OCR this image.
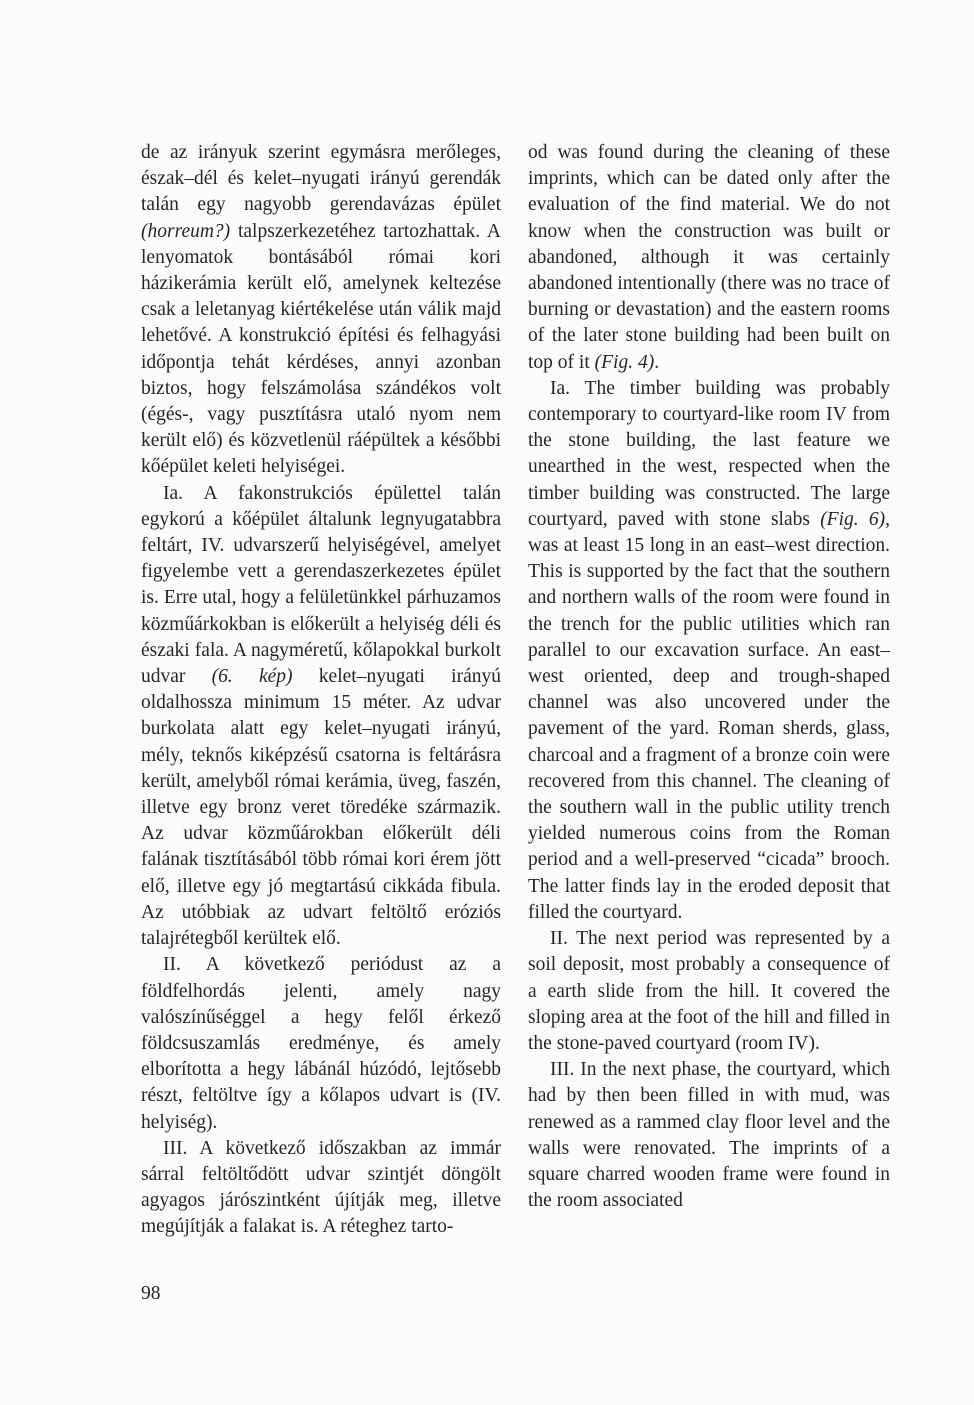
de az irányuk szerint egymásra merőleges, észak–dél és kelet–nyugati irányú gerendák talán egy nagyobb gerendavázas épület (horreum?) talpszerkezetéhez tartozhattak. A lenyomatok bontásából római kori házikerámia került elő, amelynek keltezése csak a leletanyag kiértékelése után válik majd lehetővé. A konstrukció építési és felhagyási időpontja tehát kérdéses, annyi azonban biztos, hogy felszámolása szándékos volt (égés-, vagy pusztításra utaló nyom nem került elő) és közvetlenül ráépültek a későbbi kőépület keleti helyiségei.

Ia. A fakonstrukciós épülettel talán egykorú a kőépület általunk legnyugatabbra feltárt, IV. udvarszerű helyiségével, amelyet figyelembe vett a gerendaszerkezetes épület is. Erre utal, hogy a felületünkkel párhuzamos közműárkokban is előkerült a helyiség déli és északi fala. A nagyméretű, kőlapokkal burkolt udvar (6. kép) kelet–nyugati irányú oldalhossza minimum 15 méter. Az udvar burkolata alatt egy kelet–nyugati irányú, mély, teknős kiképzésű csatorna is feltárásra került, amelyből római kerámia, üveg, faszén, illetve egy bronz veret töredéke származik. Az udvar közműárokban előkerült déli falának tisztításából több római kori érem jött elő, illetve egy jó megtartású cikkáda fibula. Az utóbbiak az udvart feltöltő eróziós talajrétegből kerültek elő.

II. A következő periódust az a földfelhordás jelenti, amely nagy valószínűséggel a hegy felől érkező földcsuszamlás eredménye, és amely elborította a hegy lábánál húzódó, lejtősebb részt, feltöltve így a kőlapos udvart is (IV. helyiség).

III. A következő időszakban az immár sárral feltöltődött udvar szintjét döngölt agyagos járószintként újítják meg, illetve megújítják a falakat is. A réteghez tarto-

od was found during the cleaning of these imprints, which can be dated only after the evaluation of the find material. We do not know when the construction was built or abandoned, although it was certainly abandoned intentionally (there was no trace of burning or devastation) and the eastern rooms of the later stone building had been built on top of it (Fig. 4).

Ia. The timber building was probably contemporary to courtyard-like room IV from the stone building, the last feature we unearthed in the west, respected when the timber building was constructed. The large courtyard, paved with stone slabs (Fig. 6), was at least 15 long in an east–west direction. This is supported by the fact that the southern and northern walls of the room were found in the trench for the public utilities which ran parallel to our excavation surface. An east–west oriented, deep and trough-shaped channel was also uncovered under the pavement of the yard. Roman sherds, glass, charcoal and a fragment of a bronze coin were recovered from this channel. The cleaning of the southern wall in the public utility trench yielded numerous coins from the Roman period and a well-preserved “cicada” brooch. The latter finds lay in the eroded deposit that filled the courtyard.

II. The next period was represented by a soil deposit, most probably a consequence of a earth slide from the hill. It covered the sloping area at the foot of the hill and filled in the stone-paved courtyard (room IV).

III. In the next phase, the courtyard, which had by then been filled in with mud, was renewed as a rammed clay floor level and the walls were renovated. The imprints of a square charred wooden frame were found in the room associated

98
